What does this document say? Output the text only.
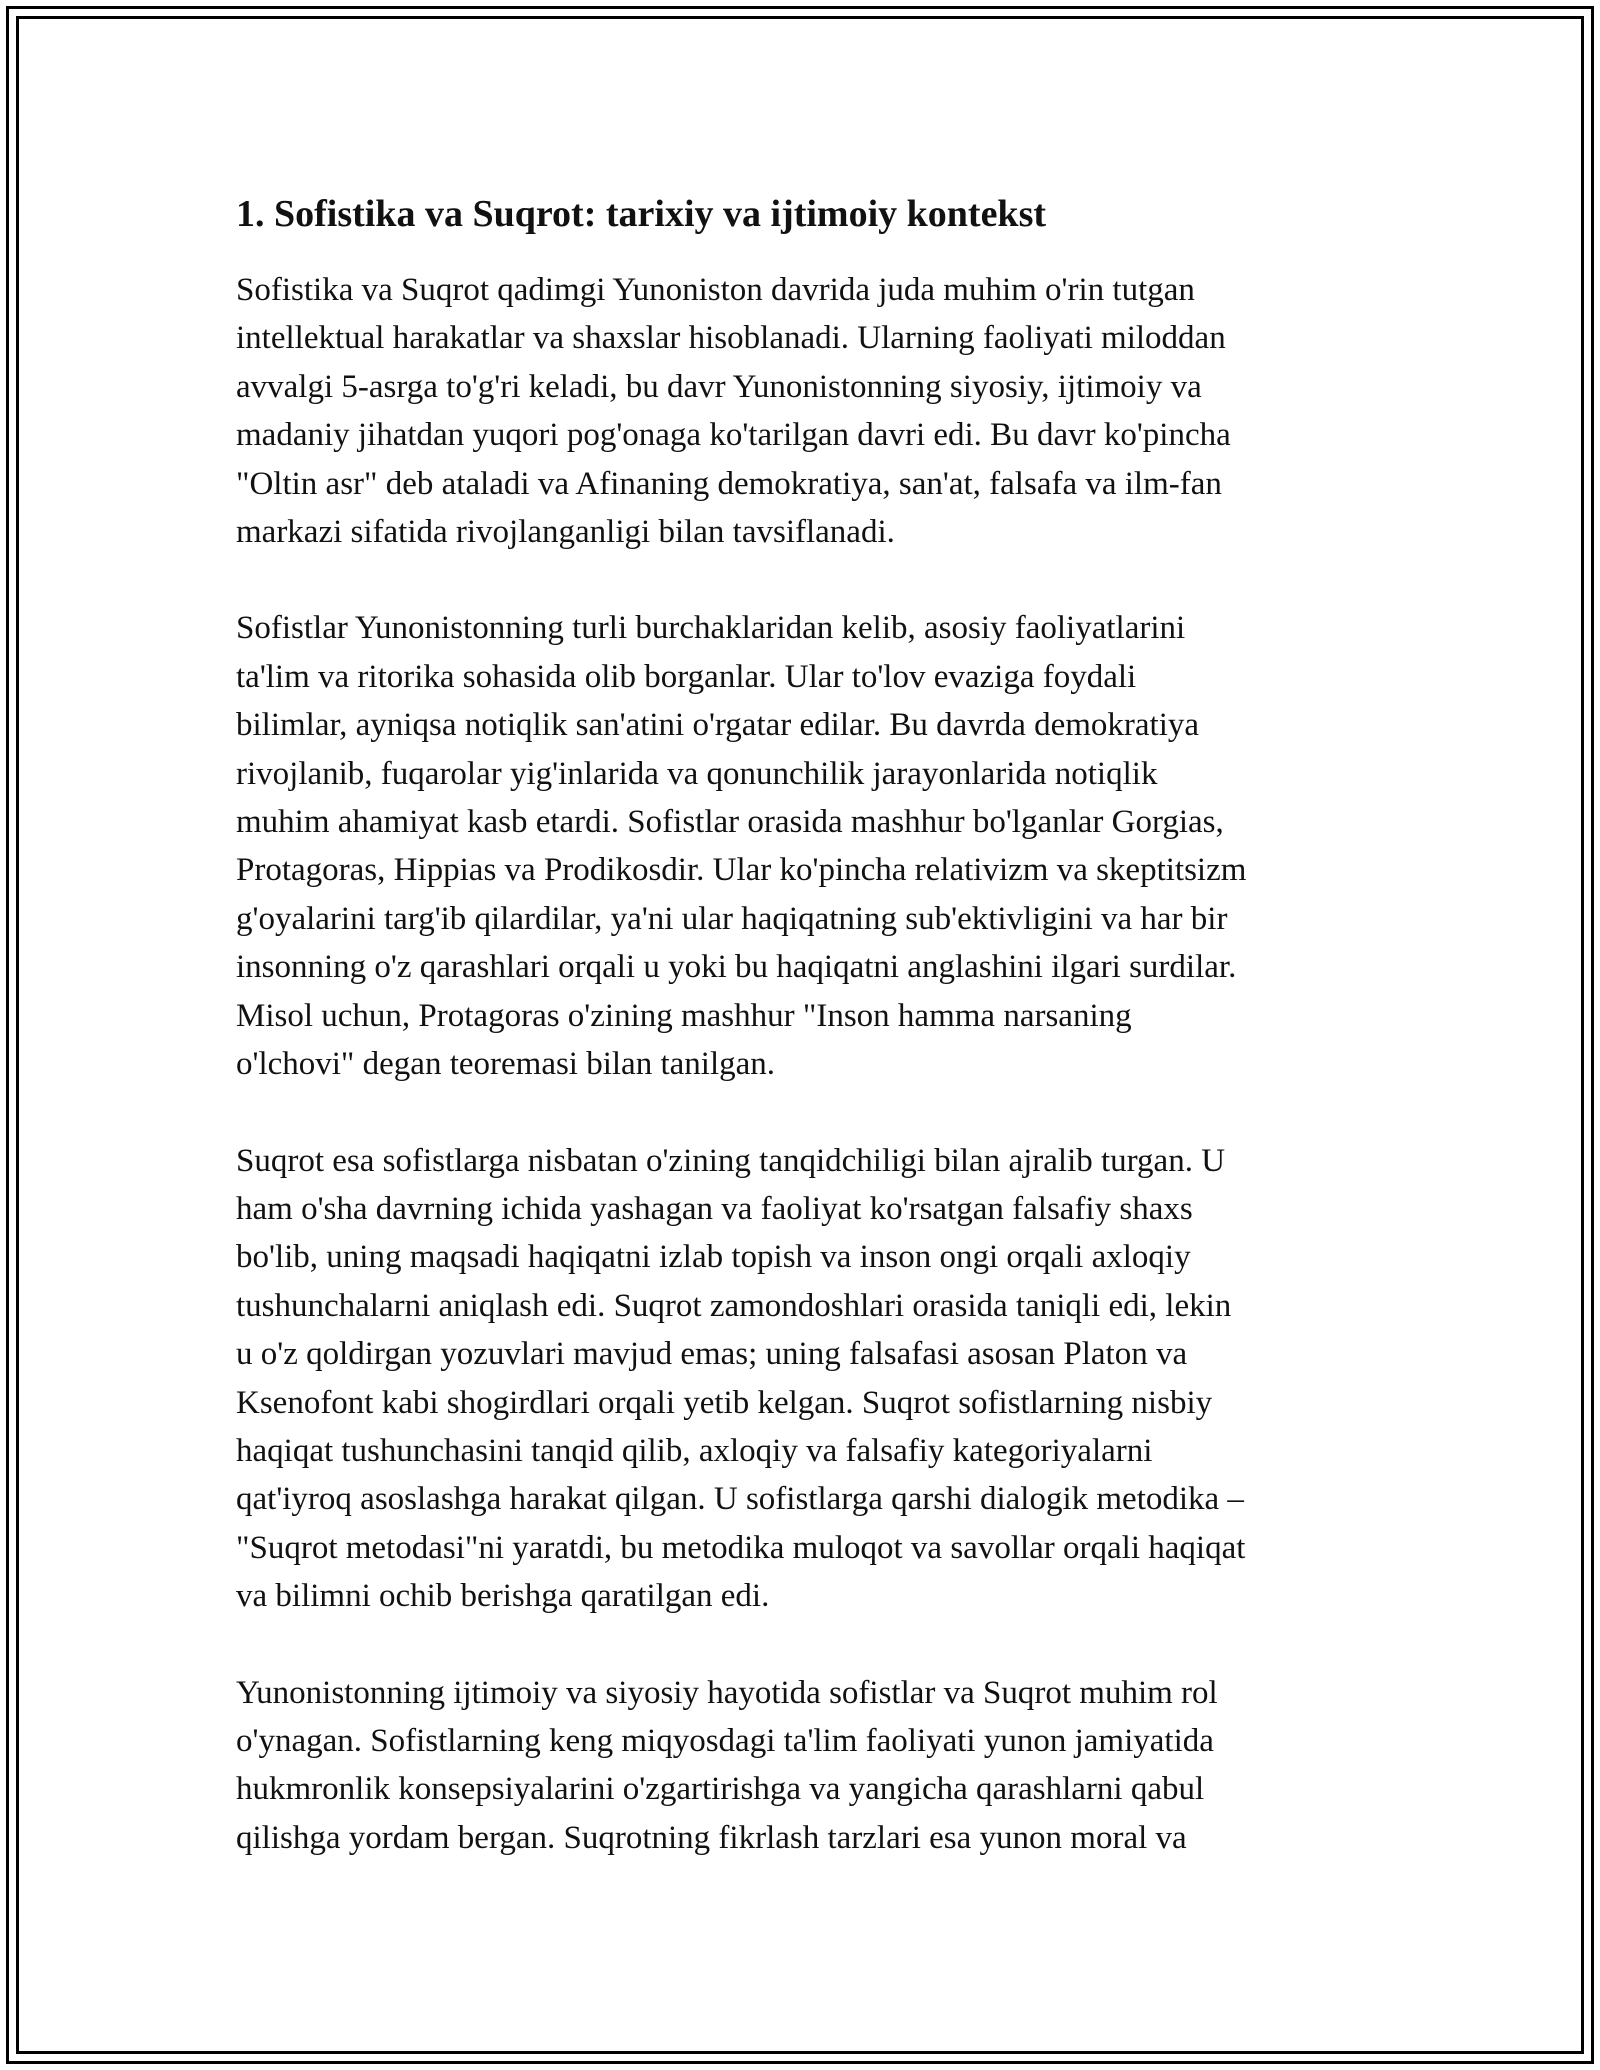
1. Sofistika va Suqrot: tarixiy va ijtimoiy kontekst
Sofistika va Suqrot qadimgi Yunoniston davrida juda muhim o'rin tutgan
intellektual harakatlar va shaxslar hisoblanadi. Ularning faoliyati miloddan
avvalgi 5-asrga to'g'ri keladi, bu davr Yunonistonning siyosiy, ijtimoiy va
madaniy jihatdan yuqori pog'onaga ko'tarilgan davri edi. Bu davr ko'pincha
"Oltin asr" deb ataladi va Afinaning demokratiya, san'at, falsafa va ilm-fan
markazi sifatida rivojlanganligi bilan tavsiflanadi.
Sofistlar Yunonistonning turli burchaklaridan kelib, asosiy faoliyatlarini
ta'lim va ritorika sohasida olib borganlar. Ular to'lov evaziga foydali
bilimlar, ayniqsa notiqlik san'atini o'rgatar edilar. Bu davrda demokratiya
rivojlanib, fuqarolar yig'inlarida va qonunchilik jarayonlarida notiqlik
muhim ahamiyat kasb etardi. Sofistlar orasida mashhur bo'lganlar Gorgias,
Protagoras, Hippias va Prodikosdir. Ular ko'pincha relativizm va skeptitsizm
g'oyalarini targ'ib qilardilar, ya'ni ular haqiqatning sub'ektivligini va har bir
insonning o'z qarashlari orqali u yoki bu haqiqatni anglashini ilgari surdilar.
Misol uchun, Protagoras o'zining mashhur "Inson hamma narsaning
o'lchovi" degan teoremasi bilan tanilgan.
Suqrot esa sofistlarga nisbatan o'zining tanqidchiligi bilan ajralib turgan. U
ham o'sha davrning ichida yashagan va faoliyat ko'rsatgan falsafiy shaxs
bo'lib, uning maqsadi haqiqatni izlab topish va inson ongi orqali axloqiy
tushunchalarni aniqlash edi. Suqrot zamondoshlari orasida taniqli edi, lekin
u o'z qoldirgan yozuvlari mavjud emas; uning falsafasi asosan Platon va
Ksenofont kabi shogirdlari orqali yetib kelgan. Suqrot sofistlarning nisbiy
haqiqat tushunchasini tanqid qilib, axloqiy va falsafiy kategoriyalarni
qat'iyroq asoslashga harakat qilgan. U sofistlarga qarshi dialogik metodika –
"Suqrot metodasi"ni yaratdi, bu metodika muloqot va savollar orqali haqiqat
va bilimni ochib berishga qaratilgan edi.
Yunonistonning ijtimoiy va siyosiy hayotida sofistlar va Suqrot muhim rol
o'ynagan. Sofistlarning keng miqyosdagi ta'lim faoliyati yunon jamiyatida
hukmronlik konsepsiyalarini o'zgartirishga va yangicha qarashlarni qabul
qilishga yordam bergan. Suqrotning fikrlash tarzlari esa yunon moral va
